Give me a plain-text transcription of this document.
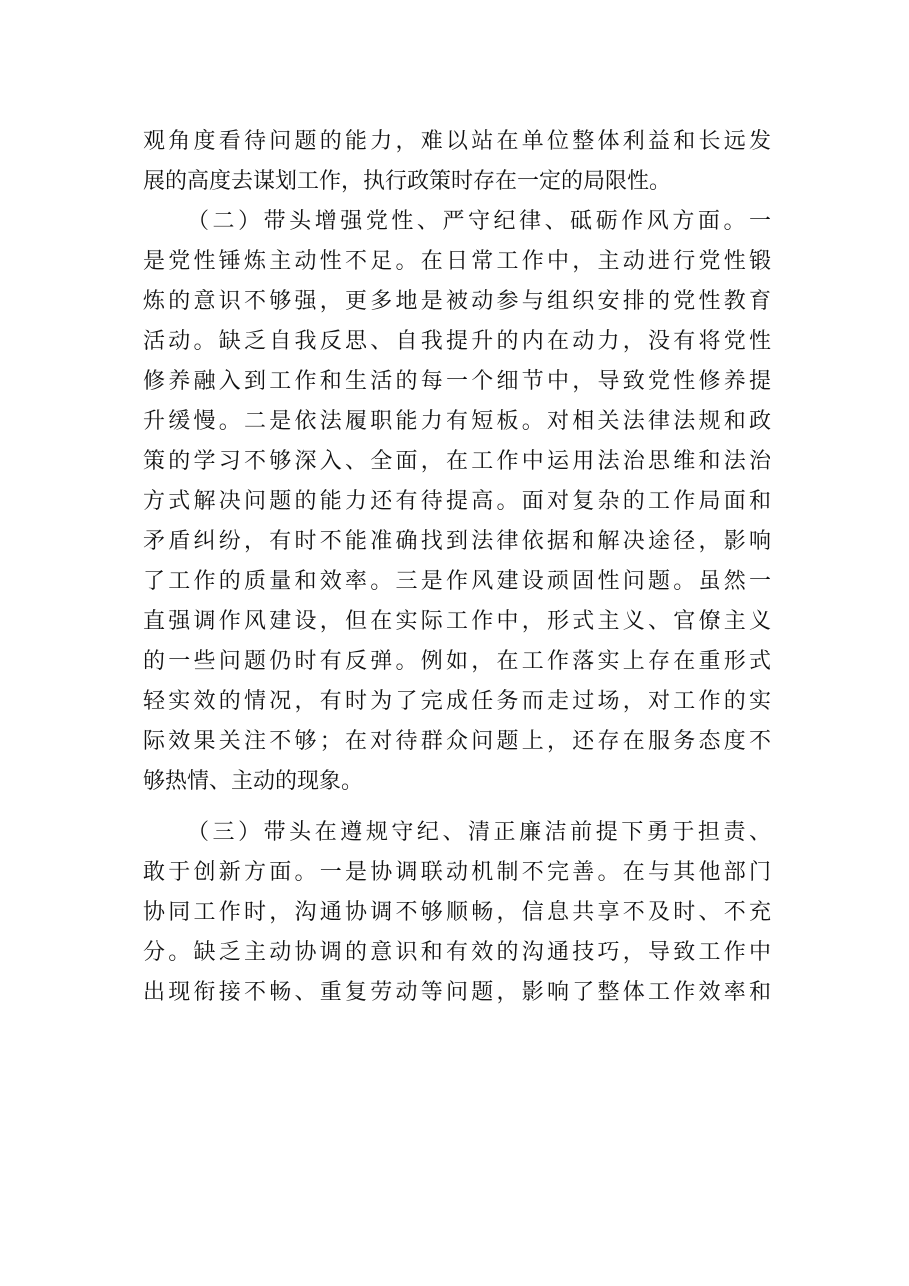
观角度看待问题的能力，难以站在单位整体利益和长远发
展的高度去谋划工作，执行政策时存在一定的局限性。
（二）带头增强党性、严守纪律、砥砺作风方面。一
是党性锤炼主动性不足。在日常工作中，主动进行党性锻
炼的意识不够强，更多地是被动参与组织安排的党性教育
活动。缺乏自我反思、自我提升的内在动力，没有将党性
修养融入到工作和生活的每一个细节中，导致党性修养提
升缓慢。二是依法履职能力有短板。对相关法律法规和政
策的学习不够深入、全面，在工作中运用法治思维和法治
方式解决问题的能力还有待提高。面对复杂的工作局面和
矛盾纠纷，有时不能准确找到法律依据和解决途径，影响
了工作的质量和效率。三是作风建设顽固性问题。虽然一
直强调作风建设，但在实际工作中，形式主义、官僚主义
的一些问题仍时有反弹。例如，在工作落实上存在重形式
轻实效的情况，有时为了完成任务而走过场，对工作的实
际效果关注不够；在对待群众问题上，还存在服务态度不
够热情、主动的现象。
（三）带头在遵规守纪、清正廉洁前提下勇于担责、
敢于创新方面。一是协调联动机制不完善。在与其他部门
协同工作时，沟通协调不够顺畅，信息共享不及时、不充
分。缺乏主动协调的意识和有效的沟通技巧，导致工作中
出现衔接不畅、重复劳动等问题，影响了整体工作效率和
